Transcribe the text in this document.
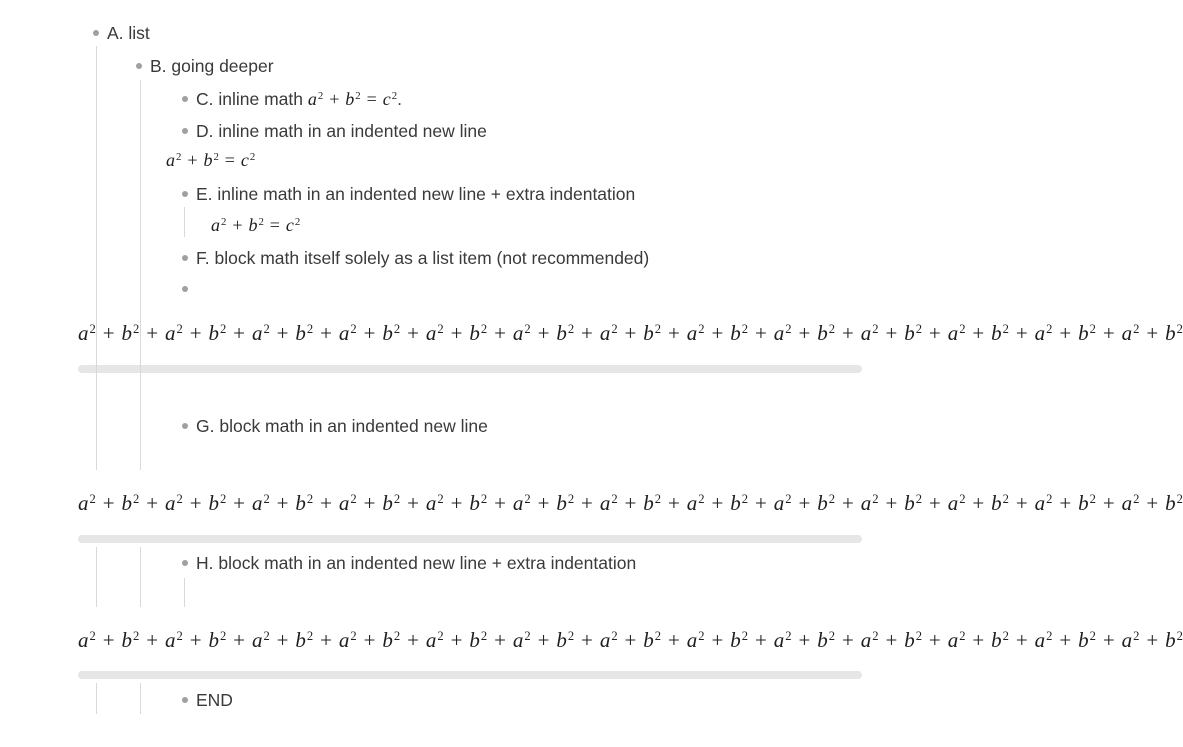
A. list
B. going deeper
C. inline math $a^2 + b^2 = c^2$ .
D. inline math in an indented new line
$a^2 + b^2 = c^2$
E. inline math in an indented new line + extra indentation
$a^2 + b^2 = c^2$
F. block math itself solely as a list item (not recommended)
$a^2 + b^2 + a^2 + b^2 + a^2 + b^2 + a^2 + b^2 + a^2 + b^2 + a^2 + b^2 + a^2 + b^2 + a^2 + b^2 + a^2 + b^2 + a^2 + b^2 + a^2 + b^2 + a^2 + b^2 + a^2 + b^2$
G. block math in an indented new line
$a^2 + b^2 + a^2 + b^2 + a^2 + b^2 + a^2 + b^2 + a^2 + b^2 + a^2 + b^2 + a^2 + b^2 + a^2 + b^2 + a^2 + b^2 + a^2 + b^2 + a^2 + b^2 + a^2 + b^2 + a^2 + b^2$
H. block math in an indented new line + extra indentation
$a^2 + b^2 + a^2 + b^2 + a^2 + b^2 + a^2 + b^2 + a^2 + b^2 + a^2 + b^2 + a^2 + b^2 + a^2 + b^2 + a^2 + b^2 + a^2 + b^2 + a^2 + b^2 + a^2 + b^2 + a^2 + b^2$
END
